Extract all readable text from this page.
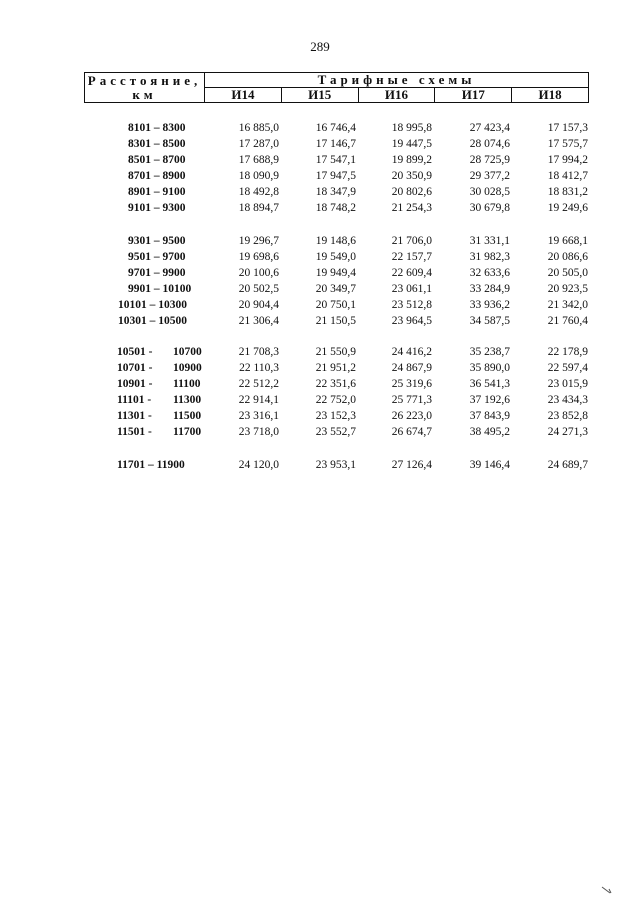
289
Расстояние, км	Тарифные схемы				
	И14	И15	И16	И17	И18
8101 – 8300	16 885,0	16 746,4	18 995,8	27 423,4	17 157,3
8301 – 8500	17 287,0	17 146,7	19 447,5	28 074,6	17 575,7
8501 – 8700	17 688,9	17 547,1	19 899,2	28 725,9	17 994,2
8701 – 8900	18 090,9	17 947,5	20 350,9	29 377,2	18 412,7
8901 – 9100	18 492,8	18 347,9	20 802,6	30 028,5	18 831,2
9101 – 9300	18 894,7	18 748,2	21 254,3	30 679,8	19 249,6
9301 – 9500	19 296,7	19 148,6	21 706,0	31 331,1	19 668,1
9501 – 9700	19 698,6	19 549,0	22 157,7	31 982,3	20 086,6
9701 – 9900	20 100,6	19 949,4	22 609,4	32 633,6	20 505,0
9901 – 10100	20 502,5	20 349,7	23 061,1	33 284,9	20 923,5
10101 – 10300	20 904,4	20 750,1	23 512,8	33 936,2	21 342,0
10301 – 10500	21 306,4	21 150,5	23 964,5	34 587,5	21 760,4
10501 - 10700	21 708,3	21 550,9	24 416,2	35 238,7	22 178,9
10701 - 10900	22 110,3	21 951,2	24 867,9	35 890,0	22 597,4
10901 - 11100	22 512,2	22 351,6	25 319,6	36 541,3	23 015,9
11101 - 11300	22 914,1	22 752,0	25 771,3	37 192,6	23 434,3
11301 - 11500	23 316,1	23 152,3	26 223,0	37 843,9	23 852,8
11501 - 11700	23 718,0	23 552,7	26 674,7	38 495,2	24 271,3
11701 – 11900	24 120,0	23 953,1	27 126,4	39 146,4	24 689,7
